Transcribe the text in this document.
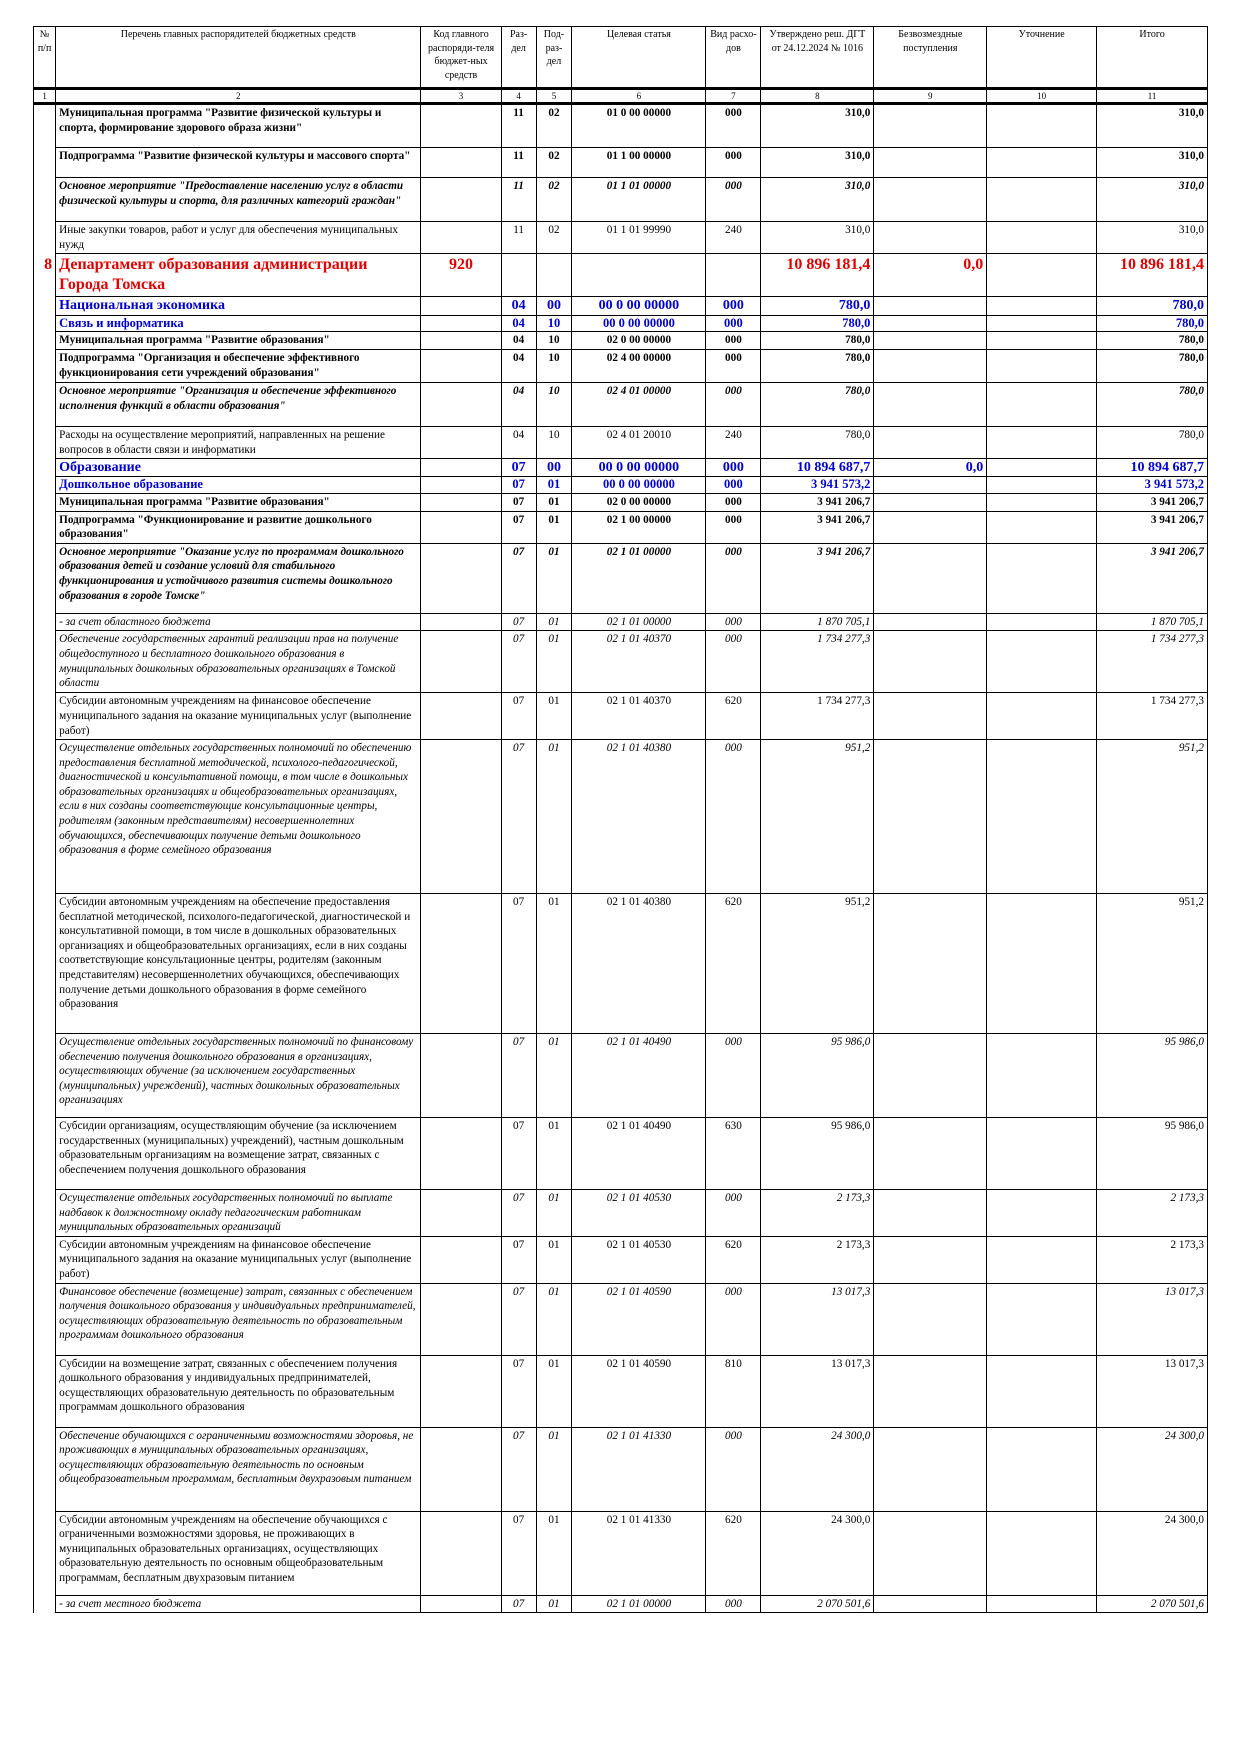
№ п/п	Перечень главных распорядителей бюджетных средств	Код главного распоряди-теля бюджет-ных средств	Раз-дел	Под-раз-дел	Целевая статья	Вид расхо-дов	Утверждено реш. ДГТ от 24.12.2024 № 1016	Безвозмездные поступления	Уточнение	Итого
1	2	3	4	5	6	7	8	9	10	11
	Муниципальная программа "Развитие физической культуры и спорта, формирование здорового образа жизни"		11	02	01 0 00 00000	000	310,0			310,0
	Подпрограмма "Развитие физической культуры и массового спорта"		11	02	01 1 00 00000	000	310,0			310,0
	Основное мероприятие "Предоставление населению услуг в области физической культуры и спорта, для различных категорий граждан"		11	02	01 1 01 00000	000	310,0			310,0
	Иные закупки товаров, работ и услуг для обеспечения муниципальных нужд		11	02	01 1 01 99990	240	310,0			310,0
8	Департамент образования администрации Города Томска	920					10 896 181,4	0,0		10 896 181,4
	Национальная экономика		04	00	00 0 00 00000	000	780,0			780,0
	Связь и информатика		04	10	00 0 00 00000	000	780,0			780,0
	Муниципальная программа "Развитие образования"		04	10	02 0 00 00000	000	780,0			780,0
	Подпрограмма "Организация и обеспечение эффективного функционирования сети учреждений образования"		04	10	02 4 00 00000	000	780,0			780,0
	Основное мероприятие "Организация и обеспечение эффективного исполнения функций в области образования"		04	10	02 4 01 00000	000	780,0			780,0
	Расходы на осуществление мероприятий, направленных на решение вопросов в области связи и информатики		04	10	02 4 01 20010	240	780,0			780,0
	Образование		07	00	00 0 00 00000	000	10 894 687,7	0,0		10 894 687,7
	Дошкольное образование		07	01	00 0 00 00000	000	3 941 573,2			3 941 573,2
	Муниципальная программа "Развитие образования"		07	01	02 0 00 00000	000	3 941 206,7			3 941 206,7
	Подпрограмма "Функционирование и развитие дошкольного образования"		07	01	02 1 00 00000	000	3 941 206,7			3 941 206,7
	Основное мероприятие "Оказание услуг по программам дошкольного образования детей и создание условий для стабильного функционирования и устойчивого развития системы дошкольного образования в городе Томске"		07	01	02 1 01 00000	000	3 941 206,7			3 941 206,7
	- за счет областного бюджета		07	01	02 1 01 00000	000	1 870 705,1			1 870 705,1
	Обеспечение государственных гарантий реализации прав на получение общедоступного и бесплатного дошкольного образования в муниципальных дошкольных образовательных организациях в Томской области		07	01	02 1 01 40370	000	1 734 277,3			1 734 277,3
	Субсидии автономным учреждениям на финансовое обеспечение муниципального задания на оказание муниципальных услуг (выполнение работ)		07	01	02 1 01 40370	620	1 734 277,3			1 734 277,3
	Осуществление отдельных государственных полномочий по обеспечению предоставления бесплатной методической, психолого-педагогической, диагностической и консультативной помощи, в том числе в дошкольных образовательных организациях и общеобразовательных организациях, если в них созданы соответствующие консультационные центры, родителям (законным представителям) несовершеннолетних обучающихся, обеспечивающих получение детьми дошкольного образования в форме семейного образования		07	01	02 1 01 40380	000	951,2			951,2
	Субсидии автономным учреждениям на обеспечение предоставления бесплатной методической, психолого-педагогической, диагностической и консультативной помощи, в том числе в дошкольных образовательных организациях и общеобразовательных организациях, если в них созданы соответствующие консультационные центры, родителям (законным представителям) несовершеннолетних обучающихся, обеспечивающих получение детьми дошкольного образования в форме семейного образования		07	01	02 1 01 40380	620	951,2			951,2
	Осуществление отдельных государственных полномочий по финансовому обеспечению получения дошкольного образования в организациях, осуществляющих обучение (за исключением государственных (муниципальных) учреждений), частных дошкольных образовательных организациях		07	01	02 1 01 40490	000	95 986,0			95 986,0
	Субсидии организациям, осуществляющим обучение (за исключением государственных (муниципальных) учреждений), частным дошкольным образовательным организациям на возмещение затрат, связанных с обеспечением получения дошкольного образования		07	01	02 1 01 40490	630	95 986,0			95 986,0
	Осуществление отдельных государственных полномочий по выплате надбавок к должностному окладу педагогическим работникам муниципальных образовательных организаций		07	01	02 1 01 40530	000	2 173,3			2 173,3
	Субсидии автономным учреждениям на финансовое обеспечение муниципального задания на оказание муниципальных услуг (выполнение работ)		07	01	02 1 01 40530	620	2 173,3			2 173,3
	Финансовое обеспечение (возмещение) затрат, связанных с обеспечением получения дошкольного образования у индивидуальных предпринимателей, осуществляющих образовательную деятельность по образовательным программам дошкольного образования		07	01	02 1 01 40590	000	13 017,3			13 017,3
	Субсидии на возмещение затрат, связанных с обеспечением получения дошкольного образования у индивидуальных предпринимателей, осуществляющих образовательную деятельность по образовательным программам дошкольного образования		07	01	02 1 01 40590	810	13 017,3			13 017,3
	Обеспечение обучающихся с ограниченными возможностями здоровья, не проживающих в муниципальных образовательных организациях, осуществляющих образовательную деятельность по основным общеобразовательным программам, бесплатным двухразовым питанием		07	01	02 1 01 41330	000	24 300,0			24 300,0
	Субсидии автономным учреждениям на обеспечение обучающихся с ограниченными возможностями здоровья, не проживающих в муниципальных образовательных организациях, осуществляющих образовательную деятельность по основным общеобразовательным программам, бесплатным двухразовым питанием		07	01	02 1 01 41330	620	24 300,0			24 300,0
	- за счет местного бюджета		07	01	02 1 01 00000	000	2 070 501,6			2 070 501,6
